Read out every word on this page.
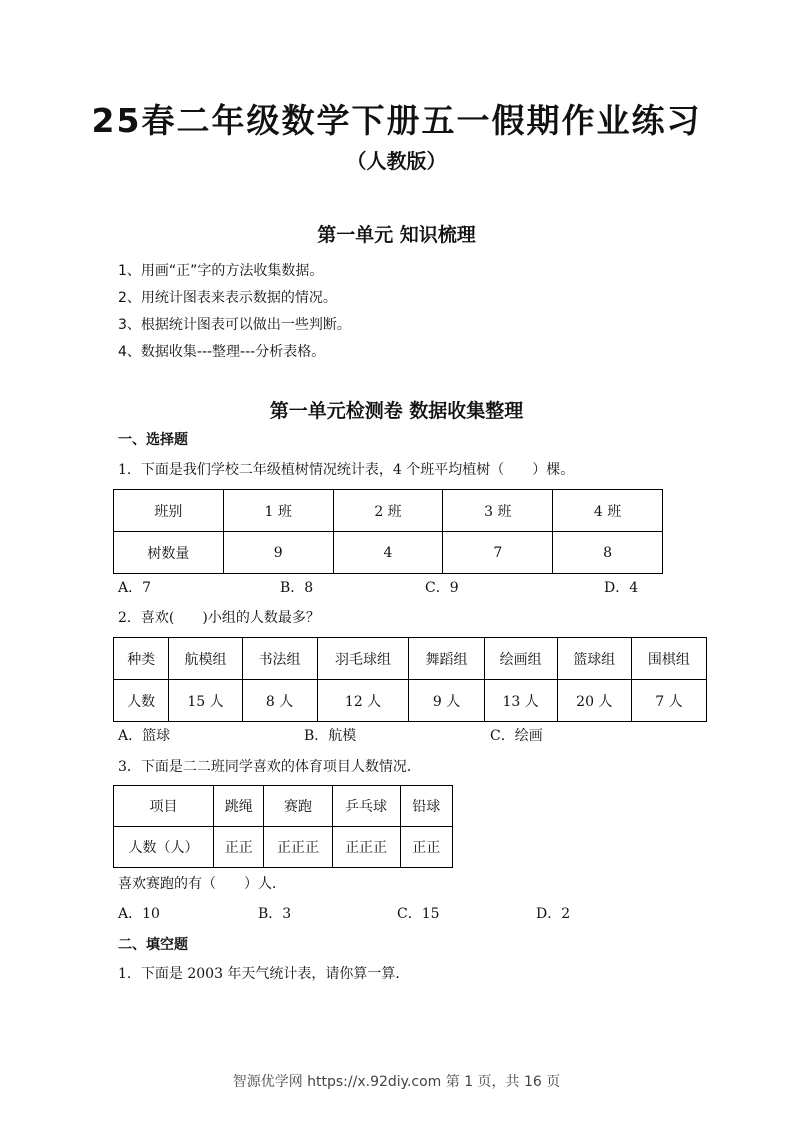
25春二年级数学下册五一假期作业练习
（人教版）
第一单元 知识梳理
1、用画“正”字的方法收集数据。
2、用统计图表来表示数据的情况。
3、根据统计图表可以做出一些判断。
4、数据收集---整理---分析表格。
第一单元检测卷 数据收集整理
一、选择题
1．下面是我们学校二年级植树情况统计表，4 个班平均植树（　　）棵。
班别	1 班	2 班	3 班	4 班
树数量	9	4	7	8
A．7	B．8	C．9	D．4
2．喜欢(　　)小组的人数最多？
种类	航模组	书法组	羽毛球组	舞蹈组	绘画组	篮球组	围棋组
人数	15 人	8 人	12 人	9 人	13 人	20 人	7 人
A．篮球	B．航模	C．绘画
3．下面是二二班同学喜欢的体育项目人数情况．
项目	跳绳	赛跑	乒乓球	铅球
人数（人）	正正	正正正	正正正	正正
喜欢赛跑的有（　　）人．
A．10	B．3	C．15	D．2
二、填空题
1．下面是 2003 年天气统计表，请你算一算．
智源优学网 https://x.92diy.com 第 1 页，共 16 页
